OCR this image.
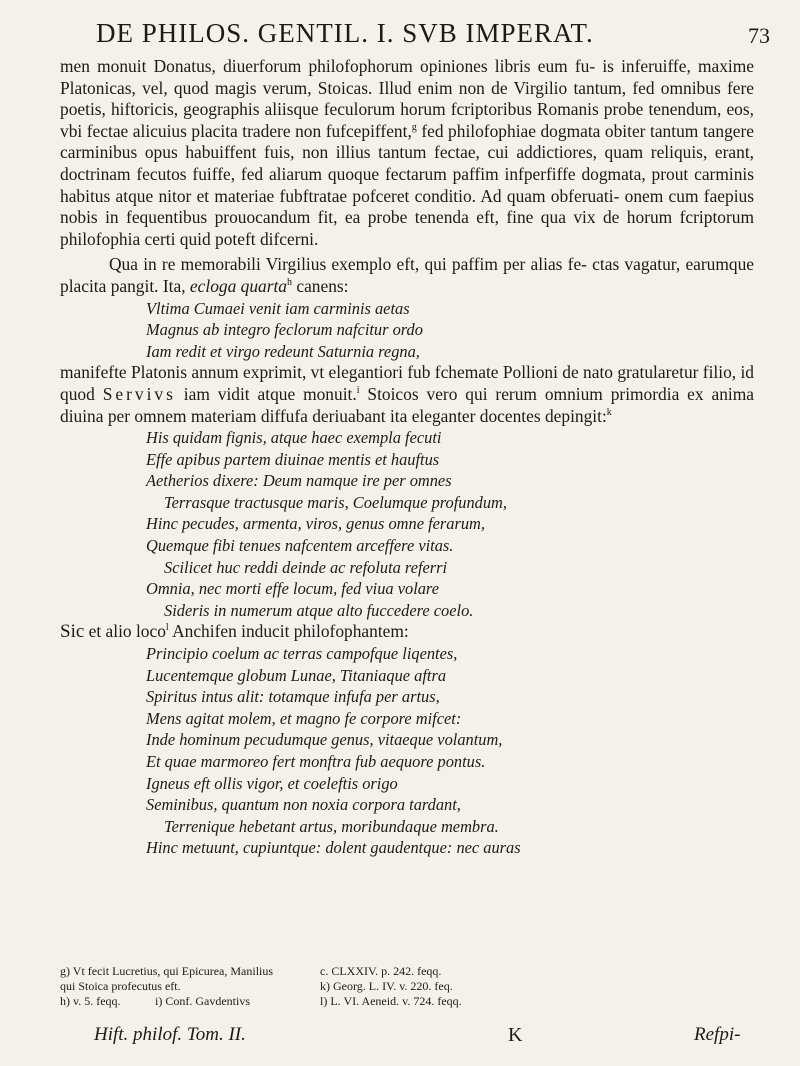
DE PHILOS. GENTIL. I. SVB IMPERAT.	73

men monuit Donatus, diuerforum philofophorum opiniones libris eum fu- is inferuiffe, maxime Platonicas, vel, quod magis verum, Stoicas. Illud enim non de Virgilio tantum, fed omnibus fere poetis, hiftoricis, geographis aliisque feculorum horum fcriptoribus Romanis probe tenendum, eos, vbi fectae alicuius placita tradere non fufcepiffent,$^g$ fed philofophiae dogmata obiter tantum tangere carminibus opus habuiffent fuis, non illius tantum fectae, cui addictiores, quam reliquis, erant, doctrinam fecutos fuiffe, fed aliarum quoque fectarum paffim infperfiffe dogmata, prout carminis habitus atque nitor et materiae fubftratae pofceret conditio. Ad quam obferuati- onem cum faepius nobis in fequentibus prouocandum fit, ea probe tenenda eft, fine qua vix de horum fcriptorum philofophia certi quid poteft difcerni.

Qua in re memorabili Virgilius exemplo eft, qui paffim per alias fe- ctas vagatur, earumque placita pangit. Ita, ecloga quarta$^h$ canens:

Vltima Cumaei venit iam carminis aetas
Magnus ab integro feclorum nafcitur ordo
Iam redit et virgo redeunt Saturnia regna,

manifefte Platonis annum exprimit, vt elegantiori fub fchemate Pollioni de nato gratularetur filio, id quod Servivs iam vidit atque monuit.$^i$ Stoicos vero qui rerum omnium primordia ex anima diuina per omnem materiam diffufa deriuabant ita eleganter docentes depingit:$^k$

His quidam fignis, atque haec exempla fecuti
Effe apibus partem diuinae mentis et hauftus
Aetherios dixere: Deum namque ire per omnes
Terrasque tractusque maris, Coelumque profundum,
Hinc pecudes, armenta, viros, genus omne ferarum,
Quemque fibi tenues nafcentem arceffere vitas.
Scilicet huc reddi deinde ac refoluta referri
Omnia, nec morti effe locum, fed viua volare
Sideris in numerum atque alto fuccedere coelo.

Sic et alio loco$^l$ Anchifen inducit philofophantem:

Principio coelum ac terras campofque liqentes,
Lucentemque globum Lunae, Titaniaque aftra
Spiritus intus alit: totamque infufa per artus,
Mens agitat molem, et magno fe corpore mifcet:
Inde hominum pecudumque genus, vitaeque volantum,
Et quae marmoreo fert monftra fub aequore pontus.
Igneus eft ollis vigor, et coeleftis origo
Seminibus, quantum non noxia corpora tardant,
Terrenique hebetant artus, moribundaque membra.
Hinc metuunt, cupiuntque: dolent gaudentque: nec auras
g) Vt fecit Lucretius, qui Epicurea, Manilius	c. CLXXIV. p. 242. feqq.
qui Stoica profecutus eft.	k) Georg. L. IV. v. 220. feq.
h) v. 5. feqq.	i) Conf. Gavdentivs	l) L. VI. Aeneid. v. 724. feqq.
Hift. philof. Tom. II.	K	Refpi-
